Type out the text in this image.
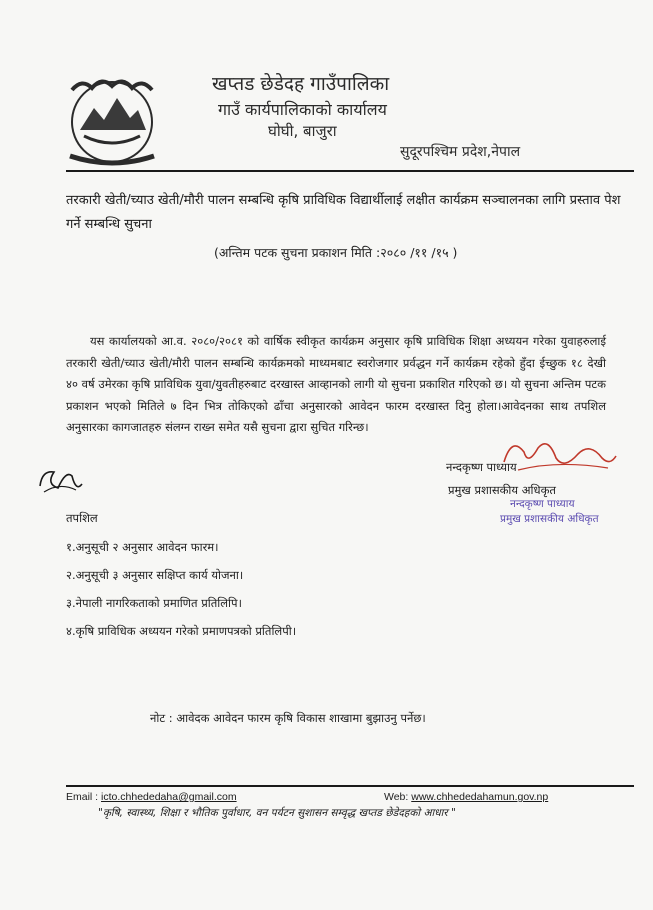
खप्तड छेडेदह गाउँपालिका
गाउँ कार्यपालिकाको कार्यालय
घोघी, बाजुरा
सुदूरपश्चिम प्रदेश,नेपाल
तरकारी खेती/च्याउ खेती/मौरी पालन सम्बन्धि कृषि प्राविधिक विद्यार्थीलाई लक्षीत कार्यक्रम सञ्चालनका लागि प्रस्ताव पेश गर्ने सम्बन्धि सुचना
(अन्तिम पटक सुचना प्रकाशन मिति :२०८० /११ /१५ )
यस कार्यालयको आ.व. २०८०/२०८१ को वार्षिक स्वीकृत कार्यक्रम अनुसार कृषि प्राविधिक शिक्षा अध्ययन गरेका युवाहरुलाई तरकारी खेती/च्याउ खेती/मौरी पालन सम्बन्धि कार्यक्रमको माध्यमबाट स्वरोजगार प्रर्वद्धन गर्ने कार्यक्रम रहेको हुँदा ईच्छुक १८ देखी ४० वर्ष उमेरका कृषि प्राविधिक युवा/युवतीहरुबाट दरखास्त आव्हानको लागी यो सुचना प्रकाशित गरिएको छ। यो सुचना अन्तिम पटक प्रकाशन भएको मितिले ७ दिन भित्र तोकिएको ढाँचा अनुसारको आवेदन फारम दरखास्त दिनु होला।आवेदनका साथ तपशिल अनुसारका कागजातहरु संलग्न राख्न समेत यसै सुचना द्वारा सुचित गरिन्छ।
नन्दकृष्ण पाध्याय
प्रमुख प्रशासकीय अधिकृत
नन्दकृष्ण पाध्याय
प्रमुख प्रशासकीय अधिकृत
तपशिल
१.अनुसूची २ अनुसार आवेदन फारम।
२.अनुसूची ३ अनुसार सक्षिप्त कार्य योजना।
३.नेपाली नागरिकताको प्रमाणित प्रतिलिपि।
४.कृषि प्राविधिक अध्ययन गरेको प्रमाणपत्रको प्रतिलिपी।
नोट : आवेदक आवेदन फारम कृषि विकास शाखामा बुझाउनु पर्नेछ।
Email : icto.chhededaha@gmail.com	Web: www.chhededahamun.gov.np
"कृषि, स्वास्थ्य, शिक्षा र भौतिक पुर्वाधार, वन पर्यटन सुशासन सम्वृद्ध खप्तड छेडेदहको आधार "
